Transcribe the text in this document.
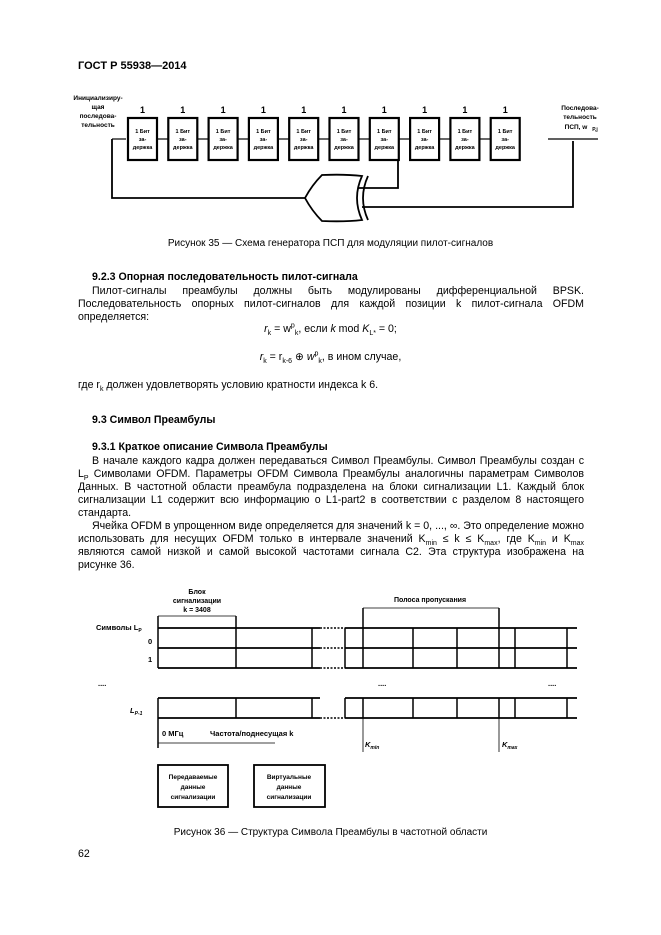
ГОСТ Р 55938—2014
Инициализиру-
щая
последова-
тельность
Последова-
тельность
ПСП, w P,j
1
1 Бит
за-
держка
1
1 Бит
за-
держка
1
1 Бит
за-
держка
1
1 Бит
за-
держка
1
1 Бит
за-
держка
1
1 Бит
за-
держка
1
1 Бит
за-
держка
1
1 Бит
за-
держка
1
1 Бит
за-
держка
1
1 Бит
за-
держка
Рисунок 35 — Схема генератора ПСП для модуляции пилот-сигналов
9.2.3 Опорная последовательность пилот-сигнала
Пилот-сигналы преамбулы должны быть модулированы дифференциальной BPSK. Последовательность опорных пилот-сигналов для каждой позиции k пилот-сигнала OFDM определяется:
$r_k = w^p_k$, если k mod $K_{L*} = 0$;
$r_k = r_{k-6}$ ⊕ $w^p_k$, в ином случае,
где $r_k$ должен удовлетворять условию кратности индекса k 6.
9.3 Символ Преамбулы
9.3.1 Краткое описание Символа Преамбулы

В начале каждого кадра должен передаваться Символ Преамбулы. Символ Преамбулы создан с $L_P$ Символами OFDM. Параметры OFDM Символа Преамбулы аналогичны параметрам Символов Данных. В частотной области преамбула подразделена на блоки сигнализации L1. Каждый блок сигнализации L1 содержит всю информацию о L1-part2 в соответствии с разделом 8 настоящего стандарта.

Ячейка OFDM в упрощенном виде определяется для значений k = 0, ..., ∞. Это определение можно использовать для несущих OFDM только в интервале значений $K_{min} \le k \le K_{max}$, где $K_{min}$ и $K_{max}$ являются самой низкой и самой высокой частотами сигнала C2. Эта структура изображена на рисунке 36.

Блок
сигнализации
k = 3408
Полоса пропускания
Символы $L_P$
0
1
$L_{P-1}$
....	....	....
0 МГц	Частота/поднесущая k
$K_{min}$	$K_{max}$
Передаваемые
данные
сигнализации
Виртуальные
данные
сигнализации
Рисунок 36 — Структура Символа Преамбулы в частотной области
62
